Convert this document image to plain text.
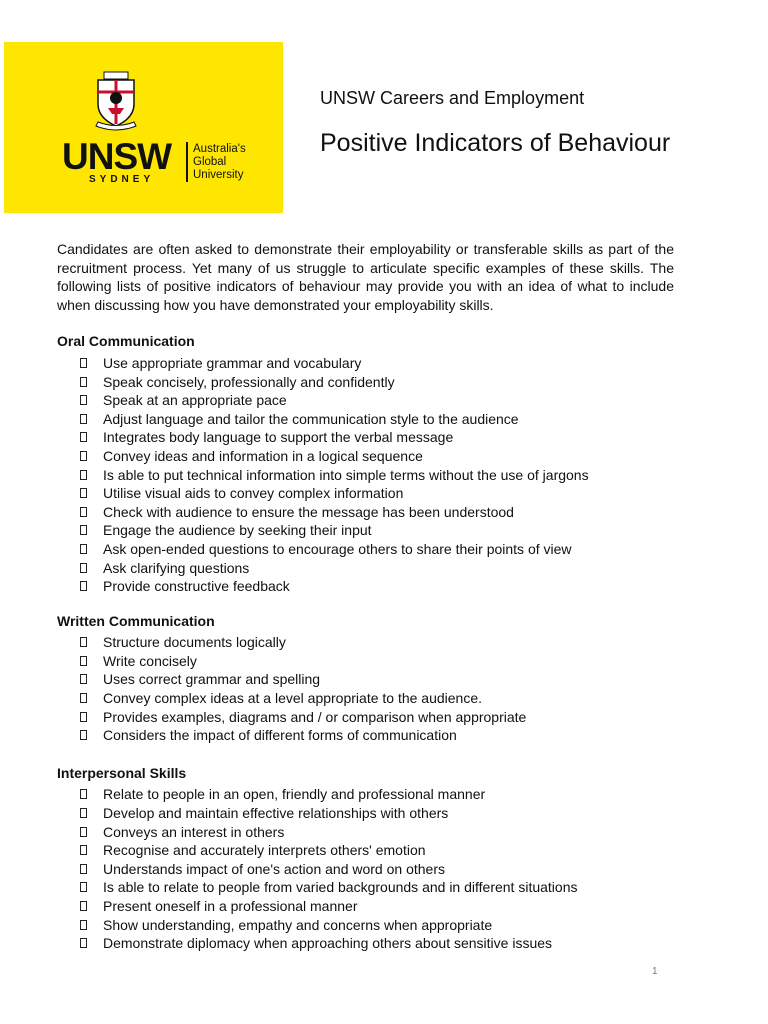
UNSW
SYDNEY
Australia's
Global
University
UNSW Careers and Employment
Positive Indicators of Behaviour

Candidates are often asked to demonstrate their employability or transferable skills as part of the recruitment process. Yet many of us struggle to articulate specific examples of these skills. The following lists of positive indicators of behaviour may provide you with an idea of what to include when discussing how you have demonstrated your employability skills.

Oral Communication

Use appropriate grammar and vocabulary
Speak concisely, professionally and confidently
Speak at an appropriate pace
Adjust language and tailor the communication style to the audience
Integrates body language to support the verbal message
Convey ideas and information in a logical sequence
Is able to put technical information into simple terms without the use of jargons
Utilise visual aids to convey complex information
Check with audience to ensure the message has been understood
Engage the audience by seeking their input
Ask open-ended questions to encourage others to share their points of view
Ask clarifying questions
Provide constructive feedback

Written Communication

Structure documents logically
Write concisely
Uses correct grammar and spelling
Convey complex ideas at a level appropriate to the audience.
Provides examples, diagrams and / or comparison when appropriate
Considers the impact of different forms of communication

Interpersonal Skills

Relate to people in an open, friendly and professional manner
Develop and maintain effective relationships with others
Conveys an interest in others
Recognise and accurately interprets others' emotion
Understands impact of one's action and word on others
Is able to relate to people from varied backgrounds and in different situations
Present oneself in a professional manner
Show understanding, empathy and concerns when appropriate
Demonstrate diplomacy when approaching others about sensitive issues
1
